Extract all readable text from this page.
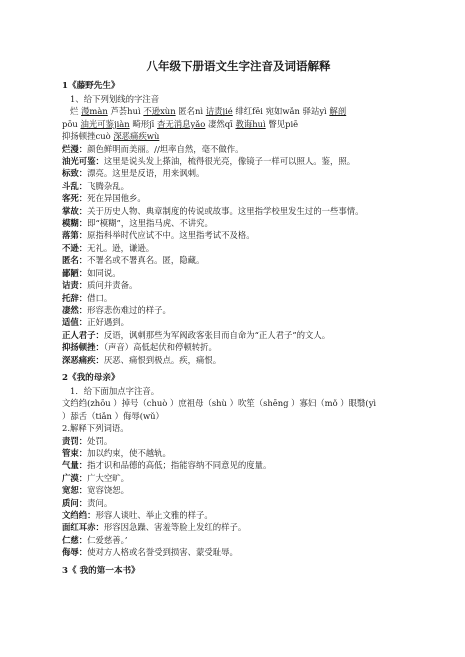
八年级下册语文生字注音及词语解释
1《藤野先生》
1、给下列划线的字注音
烂 漫màn 芦荟huì 不逊xùn 匿名nì 诘责jié 绯红fēi 宛如wǎn 驿站yì 解剖
pōu 油光可鉴jiàn 畸形jī 杳无消息yǎo 凄然qī 教诲huì 瞥见piē
抑扬顿挫cuò 深恶痛疾wù
烂漫：颜色鲜明而美丽。//坦率自然，毫不做作。
油光可鉴：这里是说头发上搽油，梳得很光亮，像镜子一样可以照人。鉴，照。
标致：漂亮。这里是反语，用来讽刺。
斗乱：飞腾杂乱。
客死：死在异国他乡。
掌故：关于历史人物、典章制度的传说或故事。这里指学校里发生过的一些事情。
模糊：即“模糊”，这里指马虎、不讲究。
落第：原指科举时代应试不中。这里指考试不及格。
不逊：无礼。逊，谦逊。
匿名：不署名或不署真名。匿，隐藏。
鄙陋：如同说。
诘责：质问并责备。
托辞：借口。
凄然：形容悲伤难过的样子。
适值：正好遇到。
正人君子：反语，讽刺那些为军阀政客张目而自命为“正人君子”的文人。
抑扬顿挫：（声音）高低起伏和停顿转折。
深恶痛疾：厌恶、痛恨到极点。疾，痛恨。
2《我的母亲》
1．给下面加点字注音。
文绉绉(zhōu ）掉号（chuò ）庶祖母（shù ）吹笙（shēng ）寡妇（mǒ ）眼翳(yì
）舔舌（tiǎn ）侮辱(wǔ）
2.解释下列词语。
责罚：处罚。
管束：加以约束，使不越轨。
气量：指才识和品德的高低；指能容纳不同意见的度量。
广漠：广大空旷。
宽恕：宽容饶恕。
质问：责问。
文绉绉：形容人谈吐、举止文雅的样子。
面红耳赤：形容因急躁、害羞等脸上发红的样子。
仁慈：仁爱慈善。’
侮辱：使对方人格或名誉受到损害、蒙受耻辱。
3《 我的第一本书》
